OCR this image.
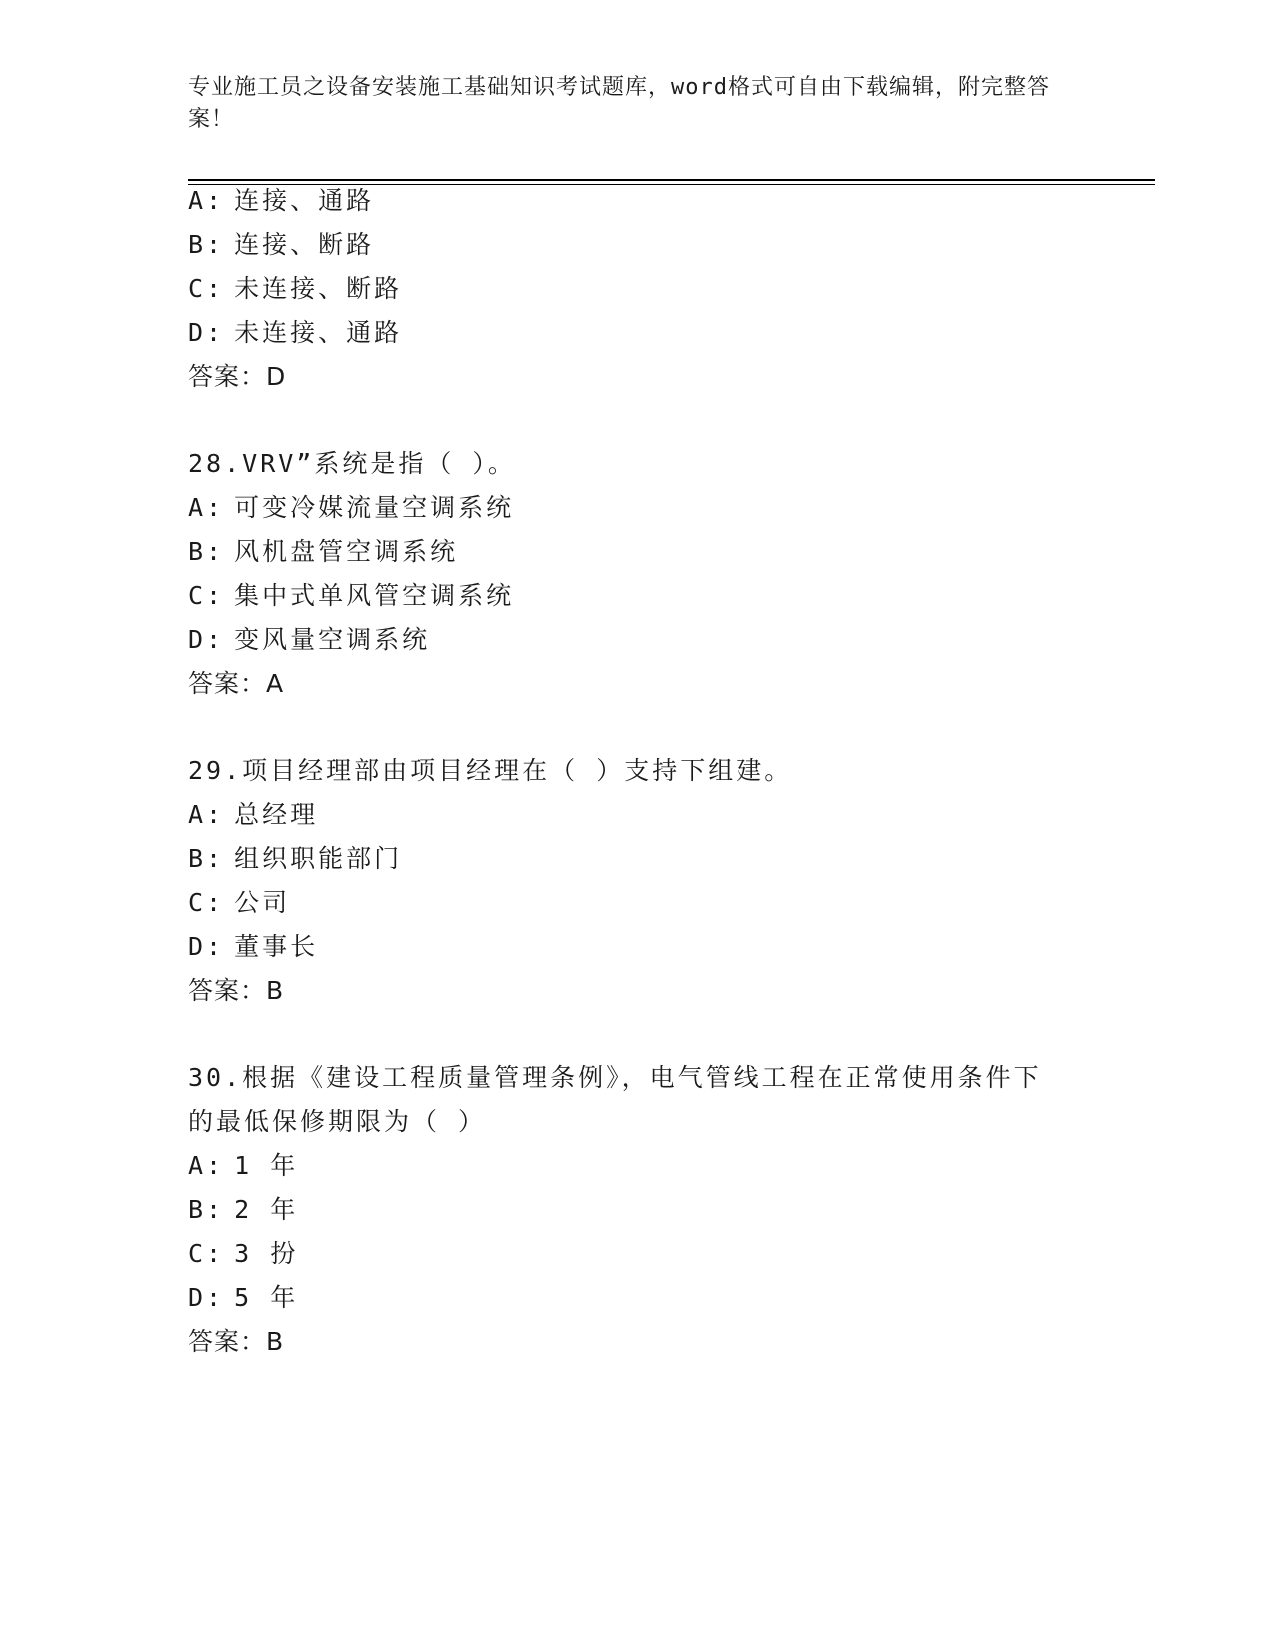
专业施工员之设备安装施工基础知识考试题库，word格式可自由下载编辑，附完整答案！
A: 连接、通路
B: 连接、断路
C: 未连接、断路
D: 未连接、通路
答案：D
28.VRV”系统是指（ ）。
A: 可变冷媒流量空调系统
B: 风机盘管空调系统
C: 集中式单风管空调系统
D: 变风量空调系统
答案：A
29.项目经理部由项目经理在（ ）支持下组建。
A: 总经理
B: 组织职能部门
C: 公司
D: 董事长
答案：B
30.根据《建设工程质量管理条例》，电气管线工程在正常使用条件下
的最低保修期限为（ ）
A: 1 年
B: 2 年
C: 3 扮
D: 5 年
答案：B
